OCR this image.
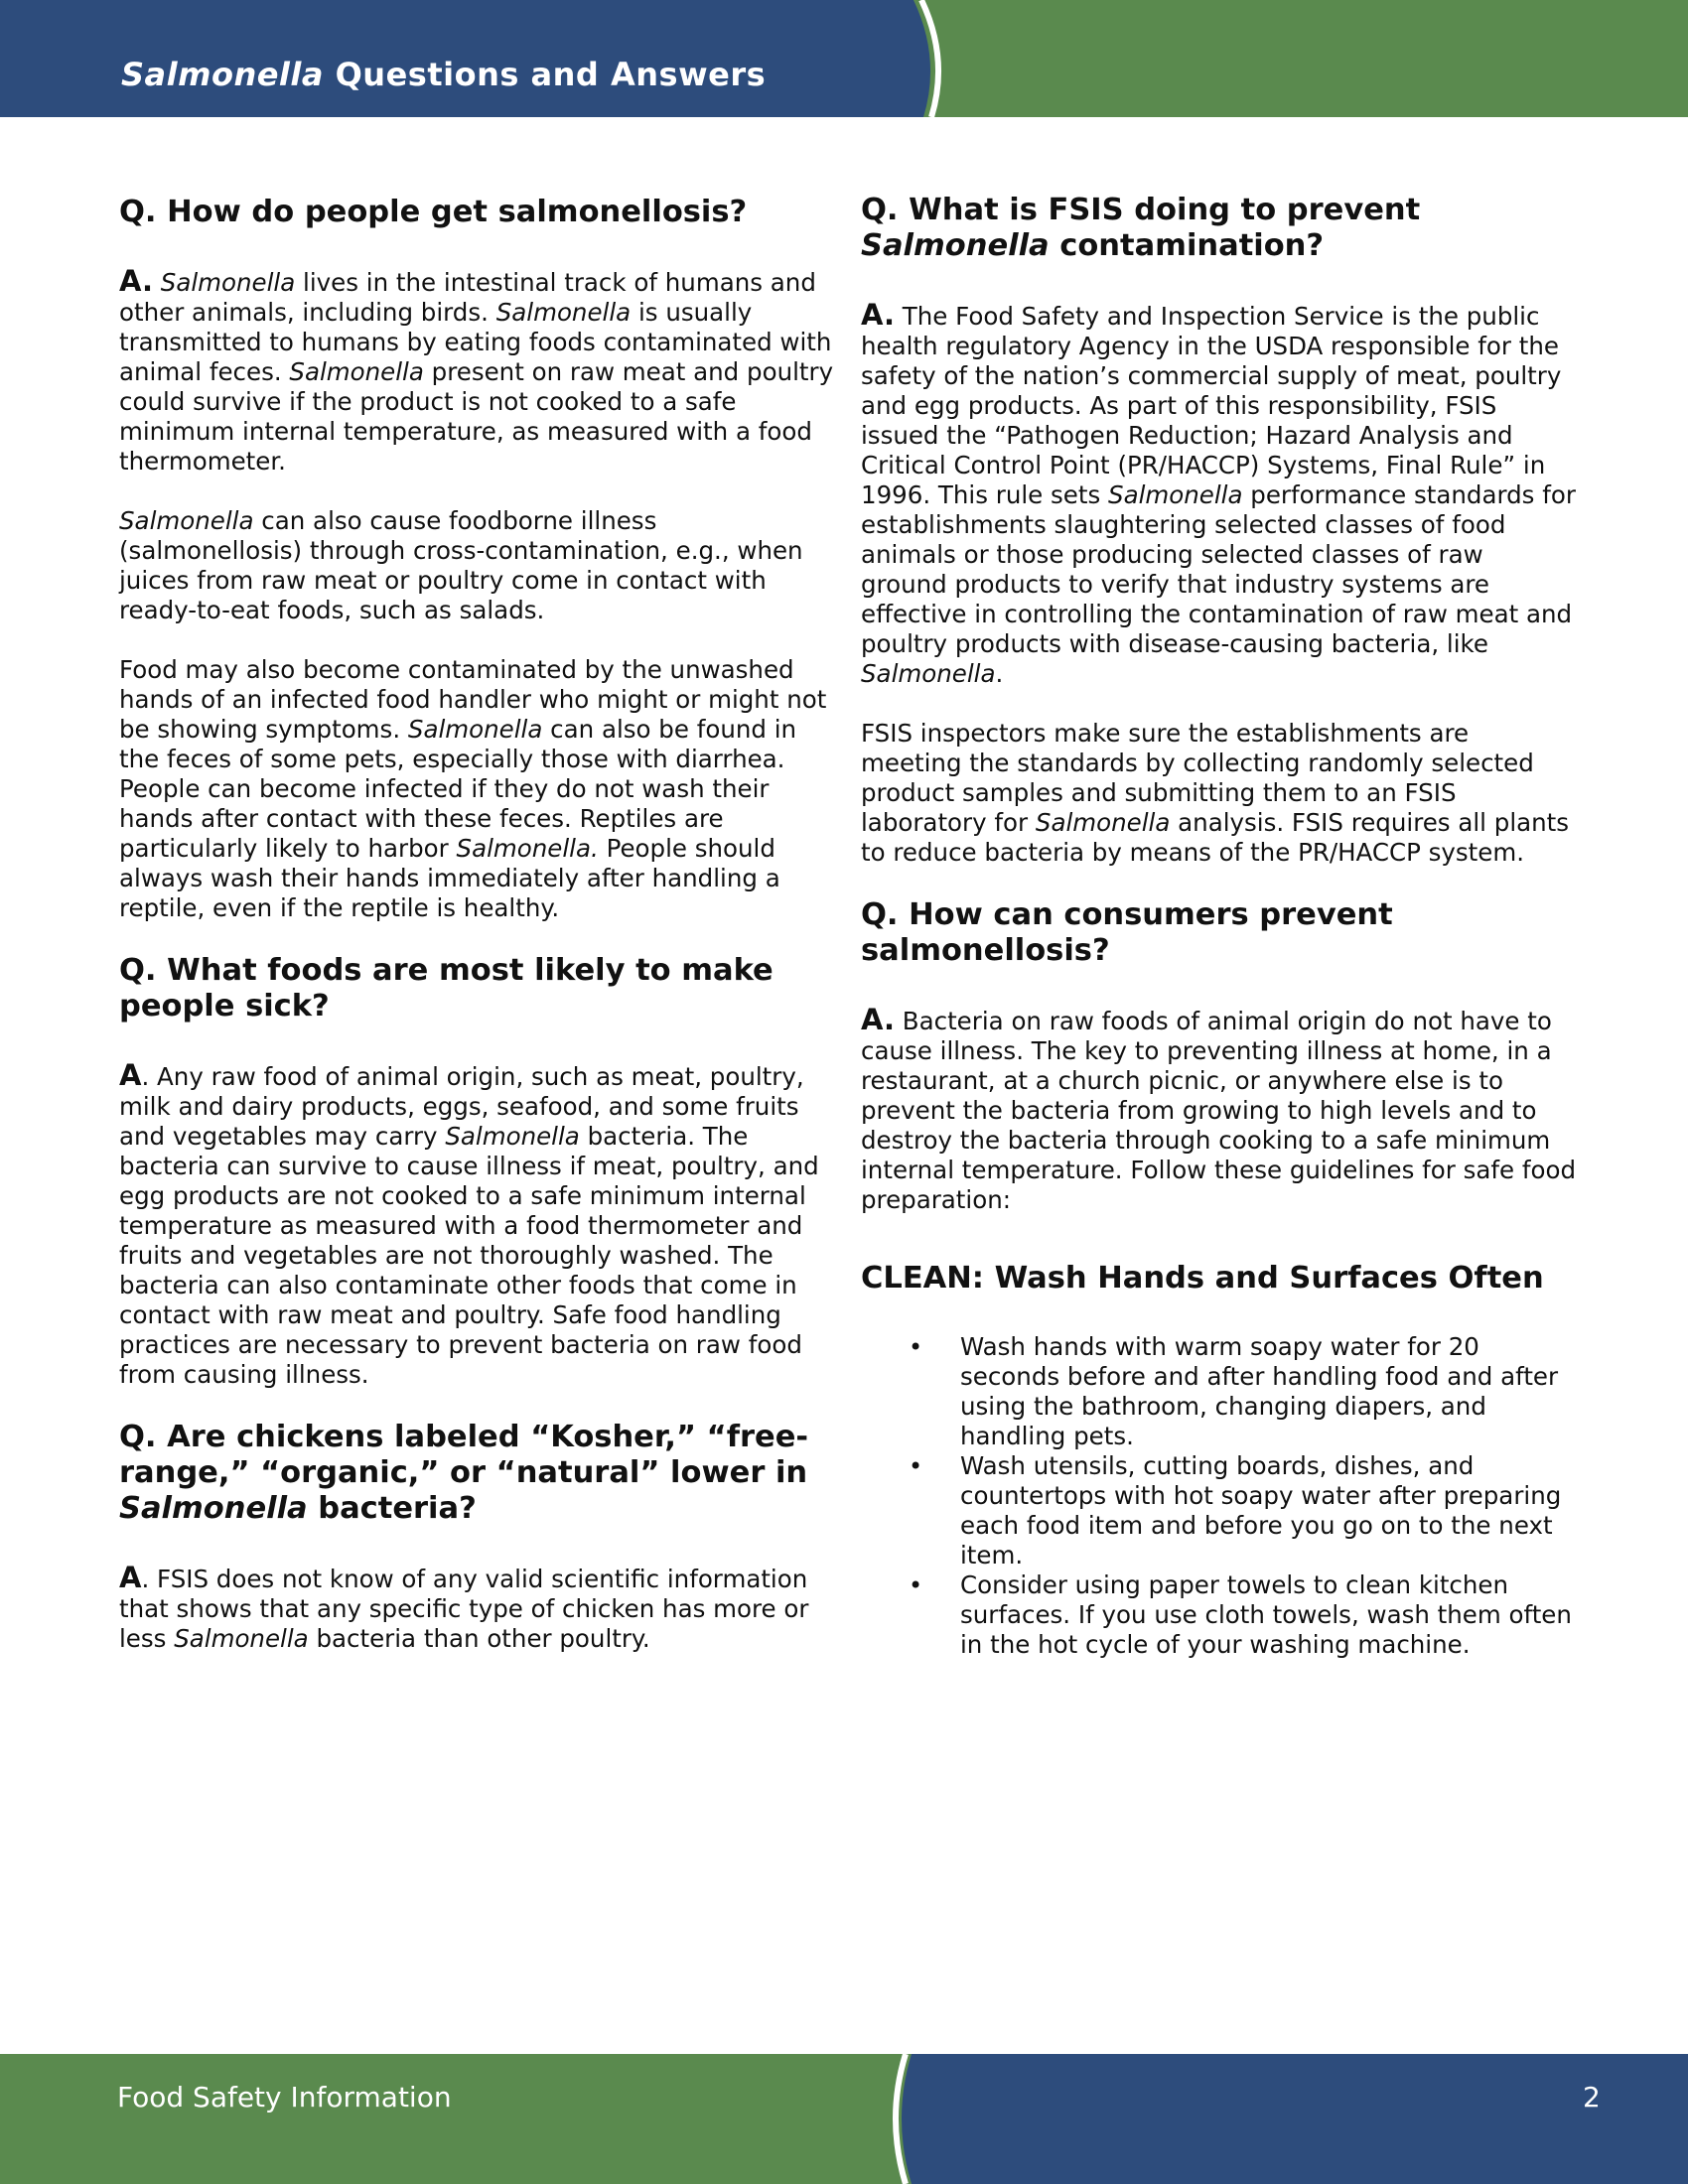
Salmonella Questions and Answers
Q. How do people get salmonellosis?

A. Salmonella lives in the intestinal track of humans and other animals, including birds. Salmonella is usually transmitted to humans by eating foods contaminated with animal feces. Salmonella present on raw meat and poultry could survive if the product is not cooked to a safe minimum internal temperature, as measured with a food thermometer.

Salmonella can also cause foodborne illness (salmonellosis) through cross-contamination, e.g., when juices from raw meat or poultry come in contact with ready-to-eat foods, such as salads.

Food may also become contaminated by the unwashed hands of an infected food handler who might or might not be showing symptoms. Salmonella can also be found in the feces of some pets, especially those with diarrhea. People can become infected if they do not wash their hands after contact with these feces. Reptiles are particularly likely to harbor Salmonella. People should always wash their hands immediately after handling a reptile, even if the reptile is healthy.

Q. What foods are most likely to make people sick?

A. Any raw food of animal origin, such as meat, poultry, milk and dairy products, eggs, seafood, and some fruits and vegetables may carry Salmonella bacteria. The bacteria can survive to cause illness if meat, poultry, and egg products are not cooked to a safe minimum internal temperature as measured with a food thermometer and fruits and vegetables are not thoroughly washed. The bacteria can also contaminate other foods that come in contact with raw meat and poultry. Safe food handling practices are necessary to prevent bacteria on raw food from causing illness.

Q. Are chickens labeled “Kosher,” “free-range,” “organic,” or “natural” lower in Salmonella bacteria?

A. FSIS does not know of any valid scientific information that shows that any specific type of chicken has more or less Salmonella bacteria than other poultry.

Q. What is FSIS doing to prevent Salmonella contamination?

A. The Food Safety and Inspection Service is the public health regulatory Agency in the USDA responsible for the safety of the nation’s commercial supply of meat, poultry and egg products. As part of this responsibility, FSIS issued the “Pathogen Reduction; Hazard Analysis and Critical Control Point (PR/HACCP) Systems, Final Rule” in 1996. This rule sets Salmonella performance standards for establishments slaughtering selected classes of food animals or those producing selected classes of raw ground products to verify that industry systems are effective in controlling the contamination of raw meat and poultry products with disease-causing bacteria, like Salmonella.

FSIS inspectors make sure the establishments are meeting the standards by collecting randomly selected product samples and submitting them to an FSIS laboratory for Salmonella analysis. FSIS requires all plants to reduce bacteria by means of the PR/HACCP system.

Q. How can consumers prevent salmonellosis?

A. Bacteria on raw foods of animal origin do not have to cause illness. The key to preventing illness at home, in a restaurant, at a church picnic, or anywhere else is to prevent the bacteria from growing to high levels and to destroy the bacteria through cooking to a safe minimum internal temperature. Follow these guidelines for safe food preparation:

CLEAN: Wash Hands and Surfaces Often
• Wash hands with warm soapy water for 20 seconds before and after handling food and after using the bathroom, changing diapers, and handling pets.
• Wash utensils, cutting boards, dishes, and countertops with hot soapy water after preparing each food item and before you go on to the next item.
• Consider using paper towels to clean kitchen surfaces. If you use cloth towels, wash them often in the hot cycle of your washing machine.
Food Safety Information	2
